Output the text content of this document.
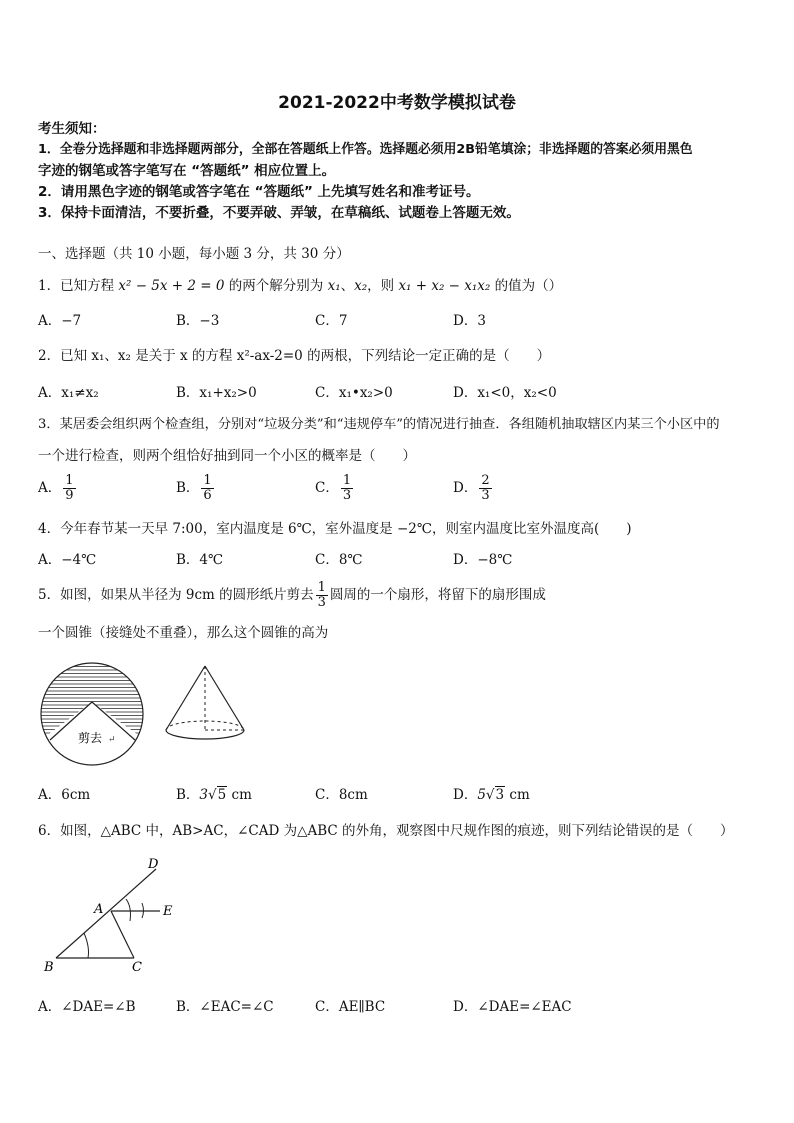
2021-2022中考数学模拟试卷
考生须知：
1．全卷分选择题和非选择题两部分，全部在答题纸上作答。选择题必须用2B铅笔填涂；非选择题的答案必须用黑色
字迹的钢笔或答字笔写在 “答题纸” 相应位置上。
2．请用黑色字迹的钢笔或答字笔在 “答题纸” 上先填写姓名和准考证号。
3．保持卡面清洁，不要折叠，不要弄破、弄皱，在草稿纸、试题卷上答题无效。
一、选择题（共 10 小题，每小题 3 分，共 30 分）
1．已知方程 x² − 5x + 2 = 0 的两个解分别为 x₁、x₂，则 x₁ + x₂ − x₁x₂ 的值为（）
A．−7	B．−3	C．7	D．3
2．已知 x₁、x₂ 是关于 x 的方程 x²-ax-2=0 的两根，下列结论一定正确的是（　　）
A．x₁≠x₂	B．x₁+x₂>0	C．x₁•x₂>0	D．x₁<0，x₂<0
3．某居委会组织两个检查组，分别对“垃圾分类”和“违规停车”的情况进行抽查．各组随机抽取辖区内某三个小区中的
一个进行检查，则两个组恰好抽到同一个小区的概率是（　　）
A． $\frac{1}{9}$	B． $\frac{1}{6}$	C． $\frac{1}{3}$	D． $\frac{2}{3}$
4．今年春节某一天早 7:00，室内温度是 6℃，室外温度是 −2℃，则室内温度比室外温度高(　　)
A．−4℃	B．4℃	C．8℃	D．−8℃
5．如图，如果从半径为 9cm 的圆形纸片剪去 $\frac{1}{3}$ 圆周的一个扇形，将留下的扇形围成
一个圆锥（接缝处不重叠），那么这个圆锥的高为
剪去 ↵
A．6cm	B．3√5 cm	C．8cm	D．5√3 cm
6．如图，△ABC 中，AB>AC，∠CAD 为△ABC 的外角，观察图中尺规作图的痕迹，则下列结论错误的是（　　）
D
A	E
B	C
A．∠DAE=∠B	B．∠EAC=∠C	C．AE∥BC	D．∠DAE=∠EAC
